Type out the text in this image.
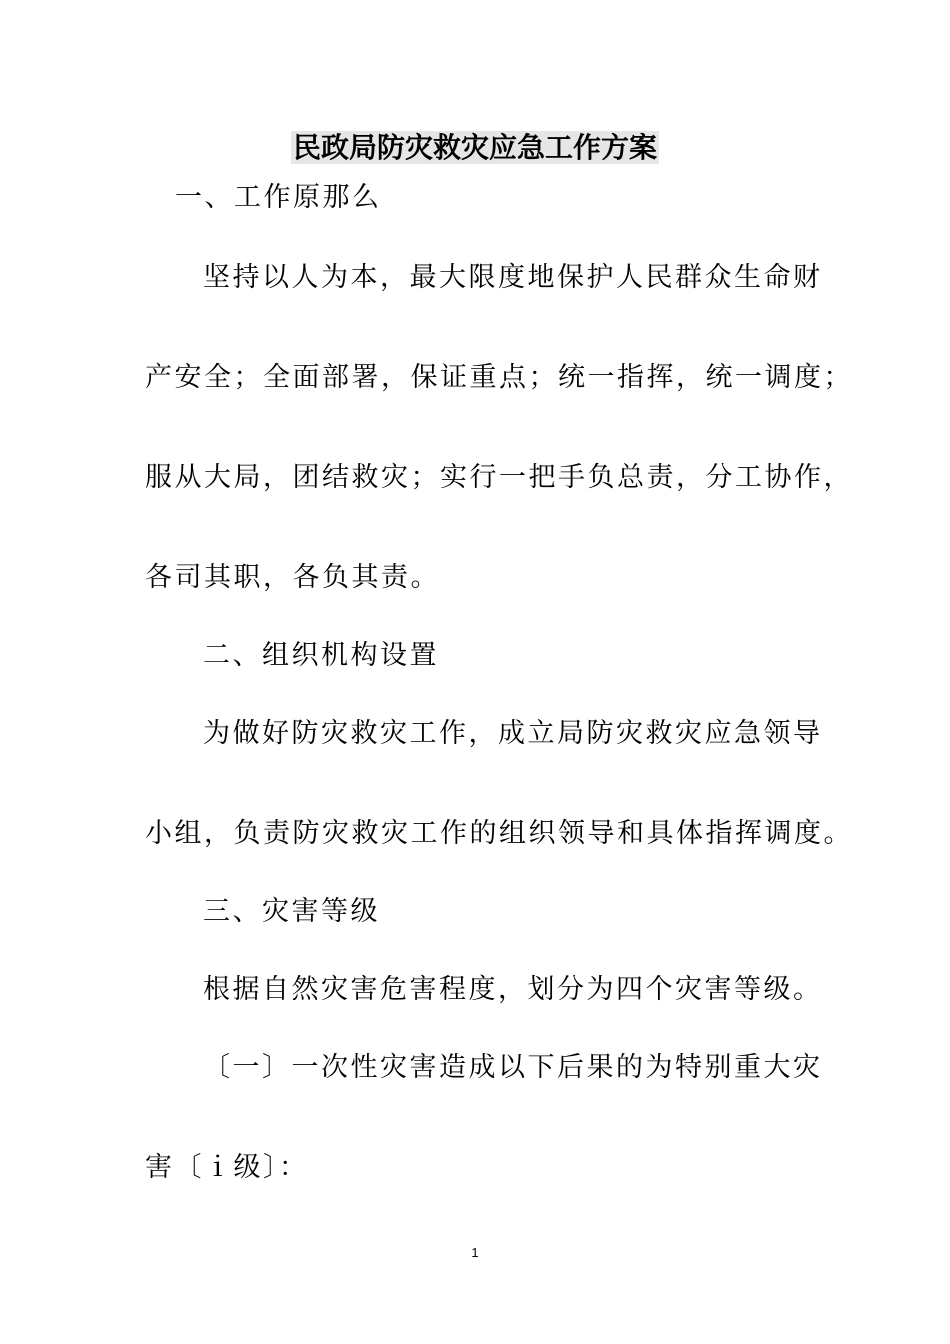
民政局防灾救灾应急工作方案
一、工作原那么
坚持以人为本，最大限度地保护人民群众生命财
产安全；全面部署，保证重点；统一指挥，统一调度；
服从大局，团结救灾；实行一把手负总责，分工协作，
各司其职，各负其责。
二、组织机构设置
为做好防灾救灾工作，成立局防灾救灾应急领导
小组，负责防灾救灾工作的组织领导和具体指挥调度。
三、灾害等级
根据自然灾害危害程度，划分为四个灾害等级。
〔一〕一次性灾害造成以下后果的为特别重大灾
害〔ｉ级〕：
1
